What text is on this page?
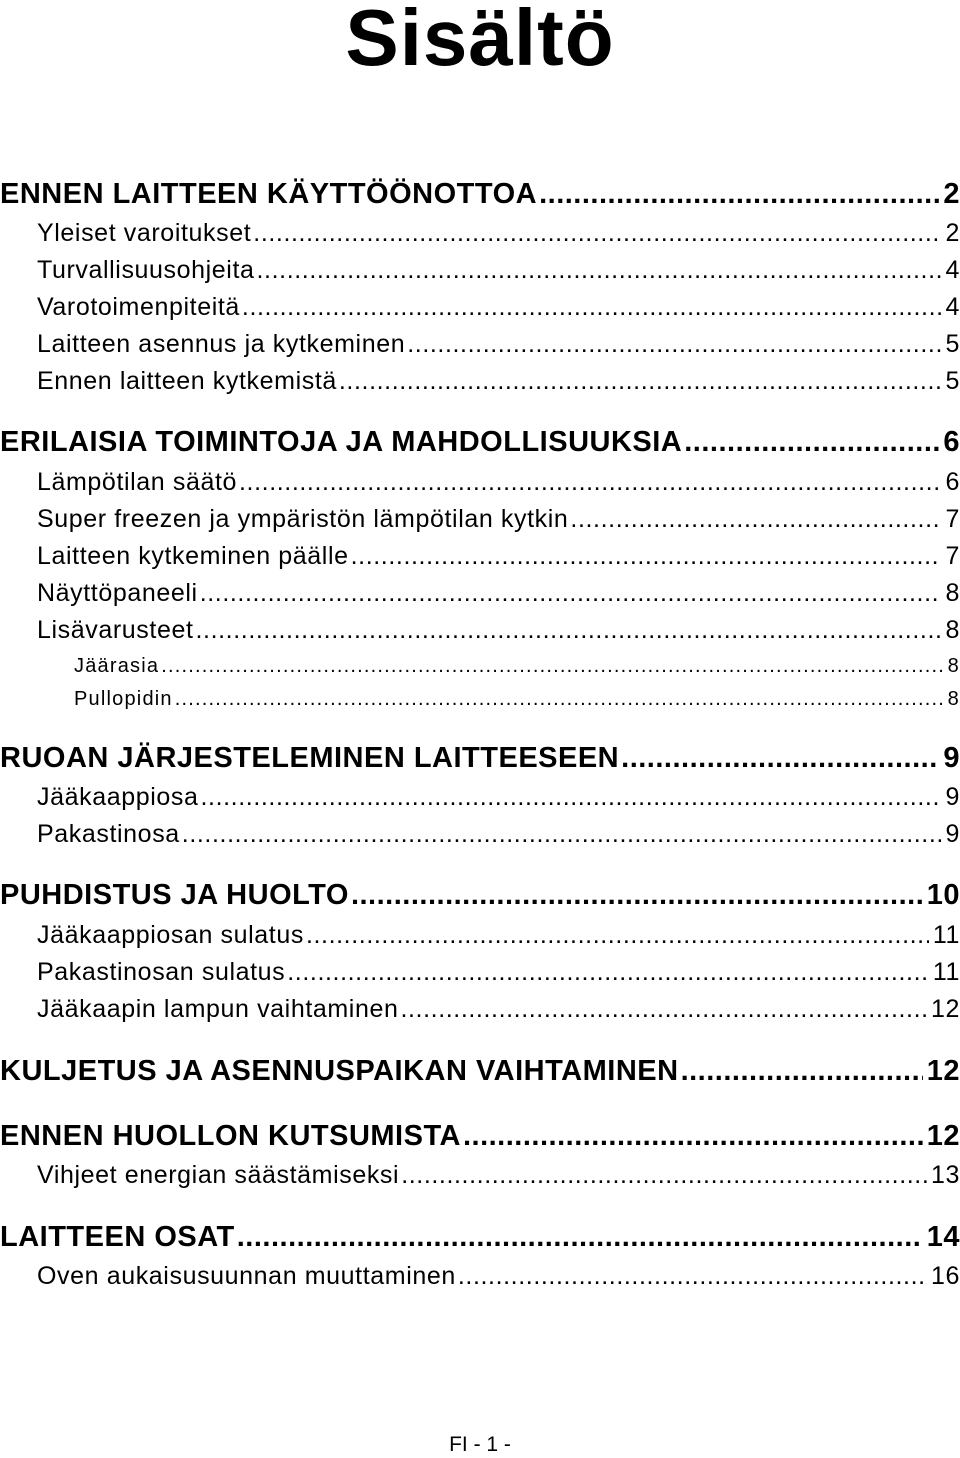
Sisältö
ENNEN LAITTEEN KÄYTTÖÖNOTTOA .....	2
Yleiset varoitukset .....	2
Turvallisuusohjeita .....	4
Varotoimenpiteitä .....	4
Laitteen asennus ja kytkeminen .....	5
Ennen laitteen kytkemistä .....	5
ERILAISIA TOIMINTOJA JA MAHDOLLISUUKSIA .....	6
Lämpötilan säätö .....	6
Super freezen ja ympäristön lämpötilan kytkin .....	7
Laitteen kytkeminen päälle .....	7
Näyttöpaneeli .....	8
Lisävarusteet .....	8
Jäärasia .....	8
Pullopidin .....	8
RUOAN JÄRJESTELEMINEN LAITTEESEEN .....	9
Jääkaappiosa .....	9
Pakastinosa .....	9
PUHDISTUS JA HUOLTO .....	10
Jääkaappiosan sulatus .....	11
Pakastinosan sulatus .....	11
Jääkaapin lampun vaihtaminen .....	12
KULJETUS JA ASENNUSPAIKAN VAIHTAMINEN .....	12
ENNEN HUOLLON KUTSUMISTA .....	12
Vihjeet energian säästämiseksi .....	13
LAITTEEN OSAT .....	14
Oven aukaisusuunnan muuttaminen .....	16
FI - 1 -
